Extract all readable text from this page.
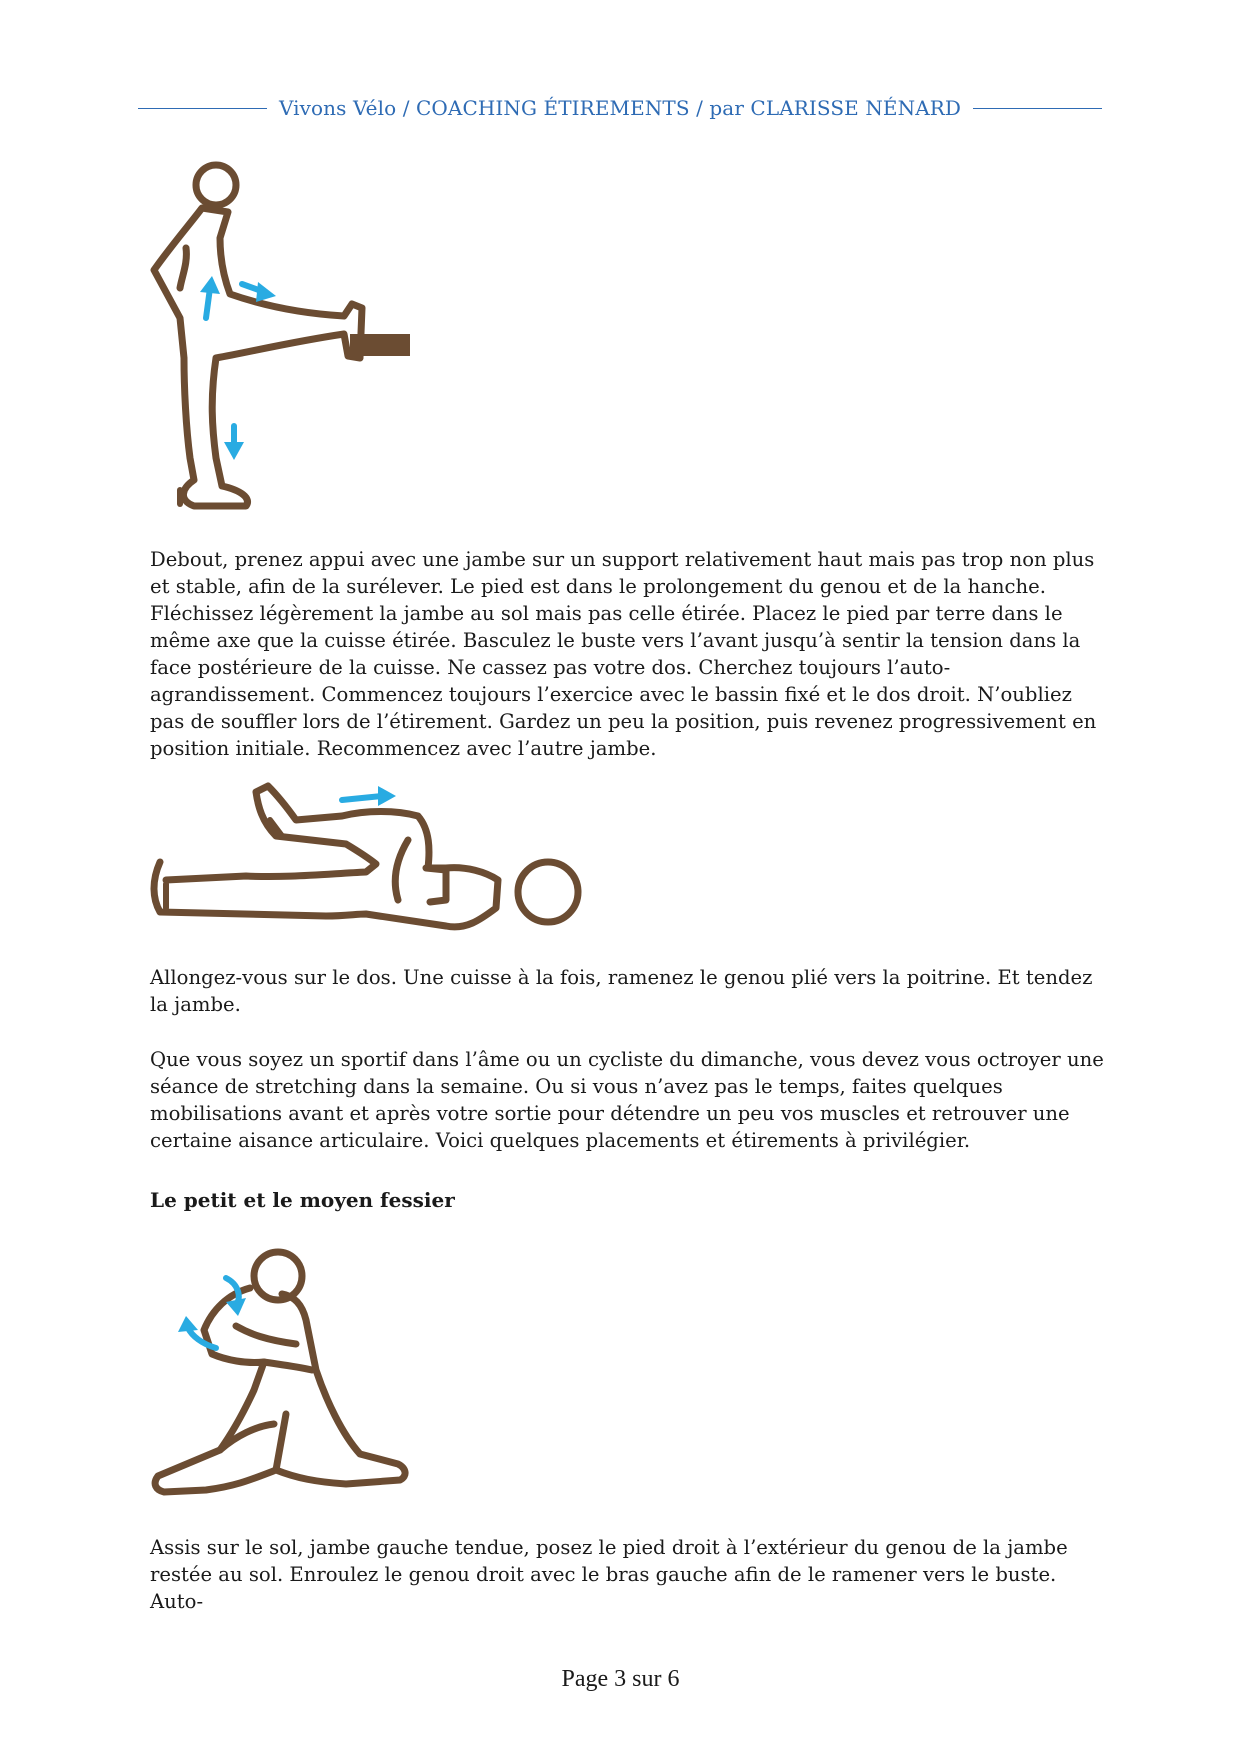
Vivons Vélo / COACHING ÉTIREMENTS / par CLARISSE NÉNARD

Debout, prenez appui avec une jambe sur un support relativement haut mais pas trop non plus et stable, afin de la surélever. Le pied est dans le prolongement du genou et de la hanche. Fléchissez légèrement la jambe au sol mais pas celle étirée. Placez le pied par terre dans le même axe que la cuisse étirée. Basculez le buste vers l’avant jusqu’à sentir la tension dans la face postérieure de la cuisse. Ne cassez pas votre dos. Cherchez toujours l’auto-agrandissement. Commencez toujours l’exercice avec le bassin fixé et le dos droit. N’oubliez pas de souffler lors de l’étirement. Gardez un peu la position, puis revenez progressivement en position initiale. Recommencez avec l’autre jambe.

Allongez-vous sur le dos. Une cuisse à la fois, ramenez le genou plié vers la poitrine. Et tendez la jambe.

Que vous soyez un sportif dans l’âme ou un cycliste du dimanche, vous devez vous octroyer une séance de stretching dans la semaine. Ou si vous n’avez pas le temps, faites quelques mobilisations avant et après votre sortie pour détendre un peu vos muscles et retrouver une certaine aisance articulaire. Voici quelques placements et étirements à privilégier.

Le petit et le moyen fessier

Assis sur le sol, jambe gauche tendue, posez le pied droit à l’extérieur du genou de la jambe restée au sol. Enroulez le genou droit avec le bras gauche afin de le ramener vers le buste. Auto-

Page 3 sur 6
